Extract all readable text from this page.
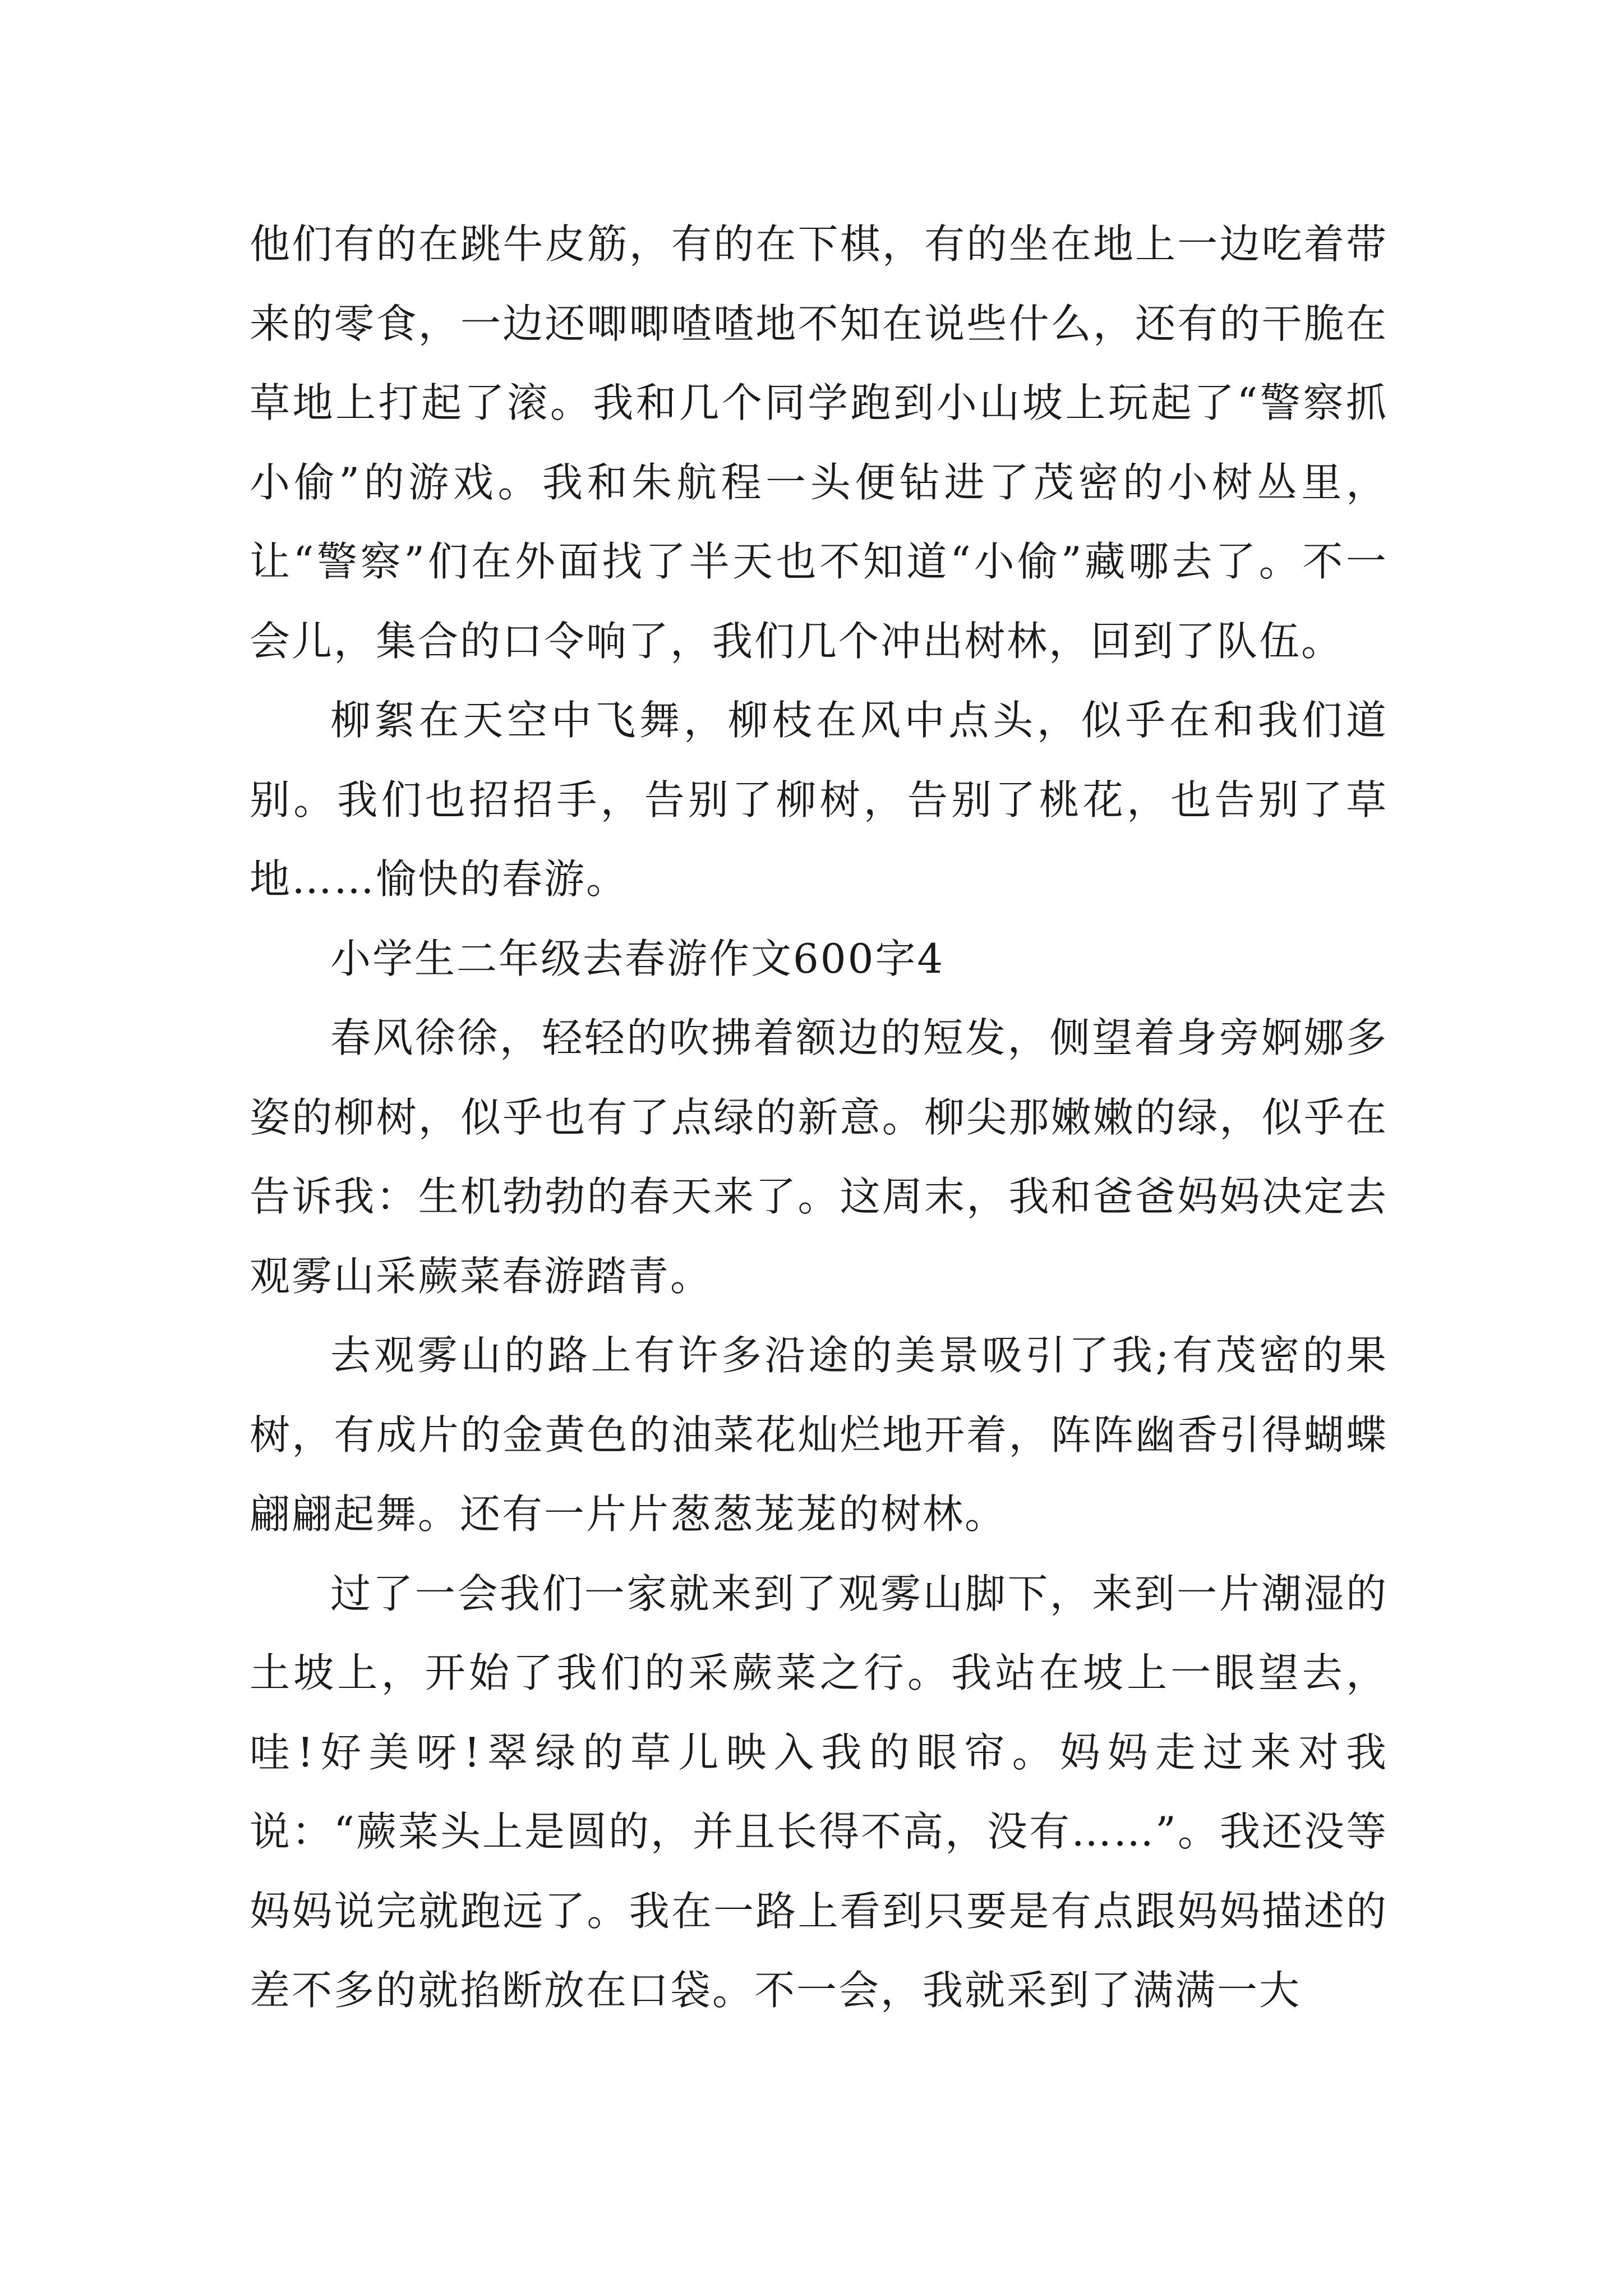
他们有的在跳牛皮筋，有的在下棋，有的坐在地上一边吃着带来的零食，一边还唧唧喳喳地不知在说些什么，还有的干脆在草地上打起了滚。我和几个同学跑到小山坡上玩起了“警察抓小偷”的游戏。我和朱航程一头便钻进了茂密的小树丛里，让“警察”们在外面找了半天也不知道“小偷”藏哪去了。不一会儿，集合的口令响了，我们几个冲出树林，回到了队伍。

柳絮在天空中飞舞，柳枝在风中点头，似乎在和我们道别。我们也招招手，告别了柳树，告别了桃花，也告别了草地……愉快的春游。

小学生二年级去春游作文600字4

春风徐徐，轻轻的吹拂着额边的短发，侧望着身旁婀娜多姿的柳树，似乎也有了点绿的新意。柳尖那嫩嫩的绿，似乎在告诉我：生机勃勃的春天来了。这周末，我和爸爸妈妈决定去观雾山采蕨菜春游踏青。

去观雾山的路上有许多沿途的美景吸引了我;有茂密的果树，有成片的金黄色的油菜花灿烂地开着，阵阵幽香引得蝴蝶翩翩起舞。还有一片片葱葱茏茏的树林。

过了一会我们一家就来到了观雾山脚下，来到一片潮湿的土坡上，开始了我们的采蕨菜之行。我站在坡上一眼望去，哇!好美呀!翠绿的草儿映入我的眼帘。妈妈走过来对我说：“蕨菜头上是圆的，并且长得不高，没有……”。我还没等妈妈说完就跑远了。我在一路上看到只要是有点跟妈妈描述的差不多的就掐断放在口袋。不一会，我就采到了满满一大
